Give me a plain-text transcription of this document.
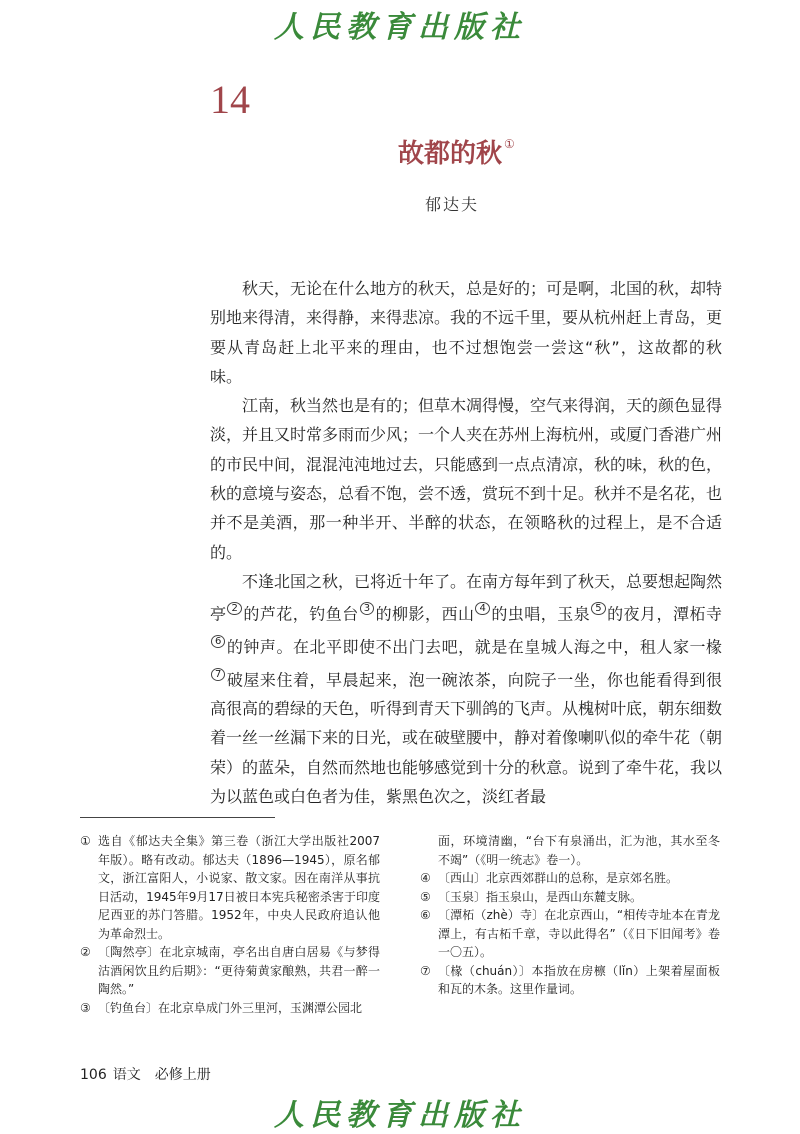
人民教育出版社
14
故都的秋 ①
郁达夫

秋天，无论在什么地方的秋天，总是好的；可是啊，北国的秋，却特别地来得清，来得静，来得悲凉。我的不远千里，要从杭州赶上青岛，更要从青岛赶上北平来的理由，也不过想饱尝一尝这“秋”，这故都的秋味。

江南，秋当然也是有的；但草木凋得慢，空气来得润，天的颜色显得淡，并且又时常多雨而少风；一个人夹在苏州上海杭州，或厦门香港广州的市民中间，混混沌沌地过去，只能感到一点点清凉，秋的味，秋的色，秋的意境与姿态，总看不饱，尝不透，赏玩不到十足。秋并不是名花，也并不是美酒，那一种半开、半醉的状态，在领略秋的过程上，是不合适的。

不逢北国之秋，已将近十年了。在南方每年到了秋天，总要想起陶然亭 $^2$ 的芦花，钓鱼台 $^3$ 的柳影，西山 $^4$ 的虫唱，玉泉 $^5$ 的夜月，潭柘寺$^6$ 的钟声。在北平即使不出门去吧，就是在皇城人海之中，租人家一椽$^7$ 破屋来住着，早晨起来，泡一碗浓茶，向院子一坐，你也能看得到很高很高的碧绿的天色，听得到青天下驯鸽的飞声。从槐树叶底，朝东细数着一丝一丝漏下来的日光，或在破壁腰中，静对着像喇叭似的牵牛花（朝荣）的蓝朵，自然而然地也能够感觉到十分的秋意。说到了牵牛花，我以为以蓝色或白色者为佳，紫黑色次之，淡红者最

① 选自《郁达夫全集》第三卷（浙江大学出版社2007年版）。略有改动。郁达夫（1896—1945），原名郁文，浙江富阳人，小说家、散文家。因在南洋从事抗日活动，1945年9月17日被日本宪兵秘密杀害于印度尼西亚的苏门答腊。1952年，中央人民政府追认他为革命烈士。
② 〔陶然亭〕在北京城南，亭名出自唐白居易《与梦得沽酒闲饮且约后期》：“更待菊黄家酿熟，共君一醉一陶然。”
③ 〔钓鱼台〕在北京阜成门外三里河，玉渊潭公园北
面，环境清幽，“台下有泉涌出，汇为池，其水至冬不竭”（《明一统志》卷一）。
④ 〔西山〕北京西郊群山的总称，是京郊名胜。
⑤ 〔玉泉〕指玉泉山，是西山东麓支脉。
⑥ 〔潭柘（zhè）寺〕在北京西山，“相传寺址本在青龙潭上，有古柘千章，寺以此得名”（《日下旧闻考》卷一〇五）。
⑦ 〔椽（chuán）〕本指放在房檩（lǐn）上架着屋面板和瓦的木条。这里作量词。
106 语文　必修上册
人民教育出版社
